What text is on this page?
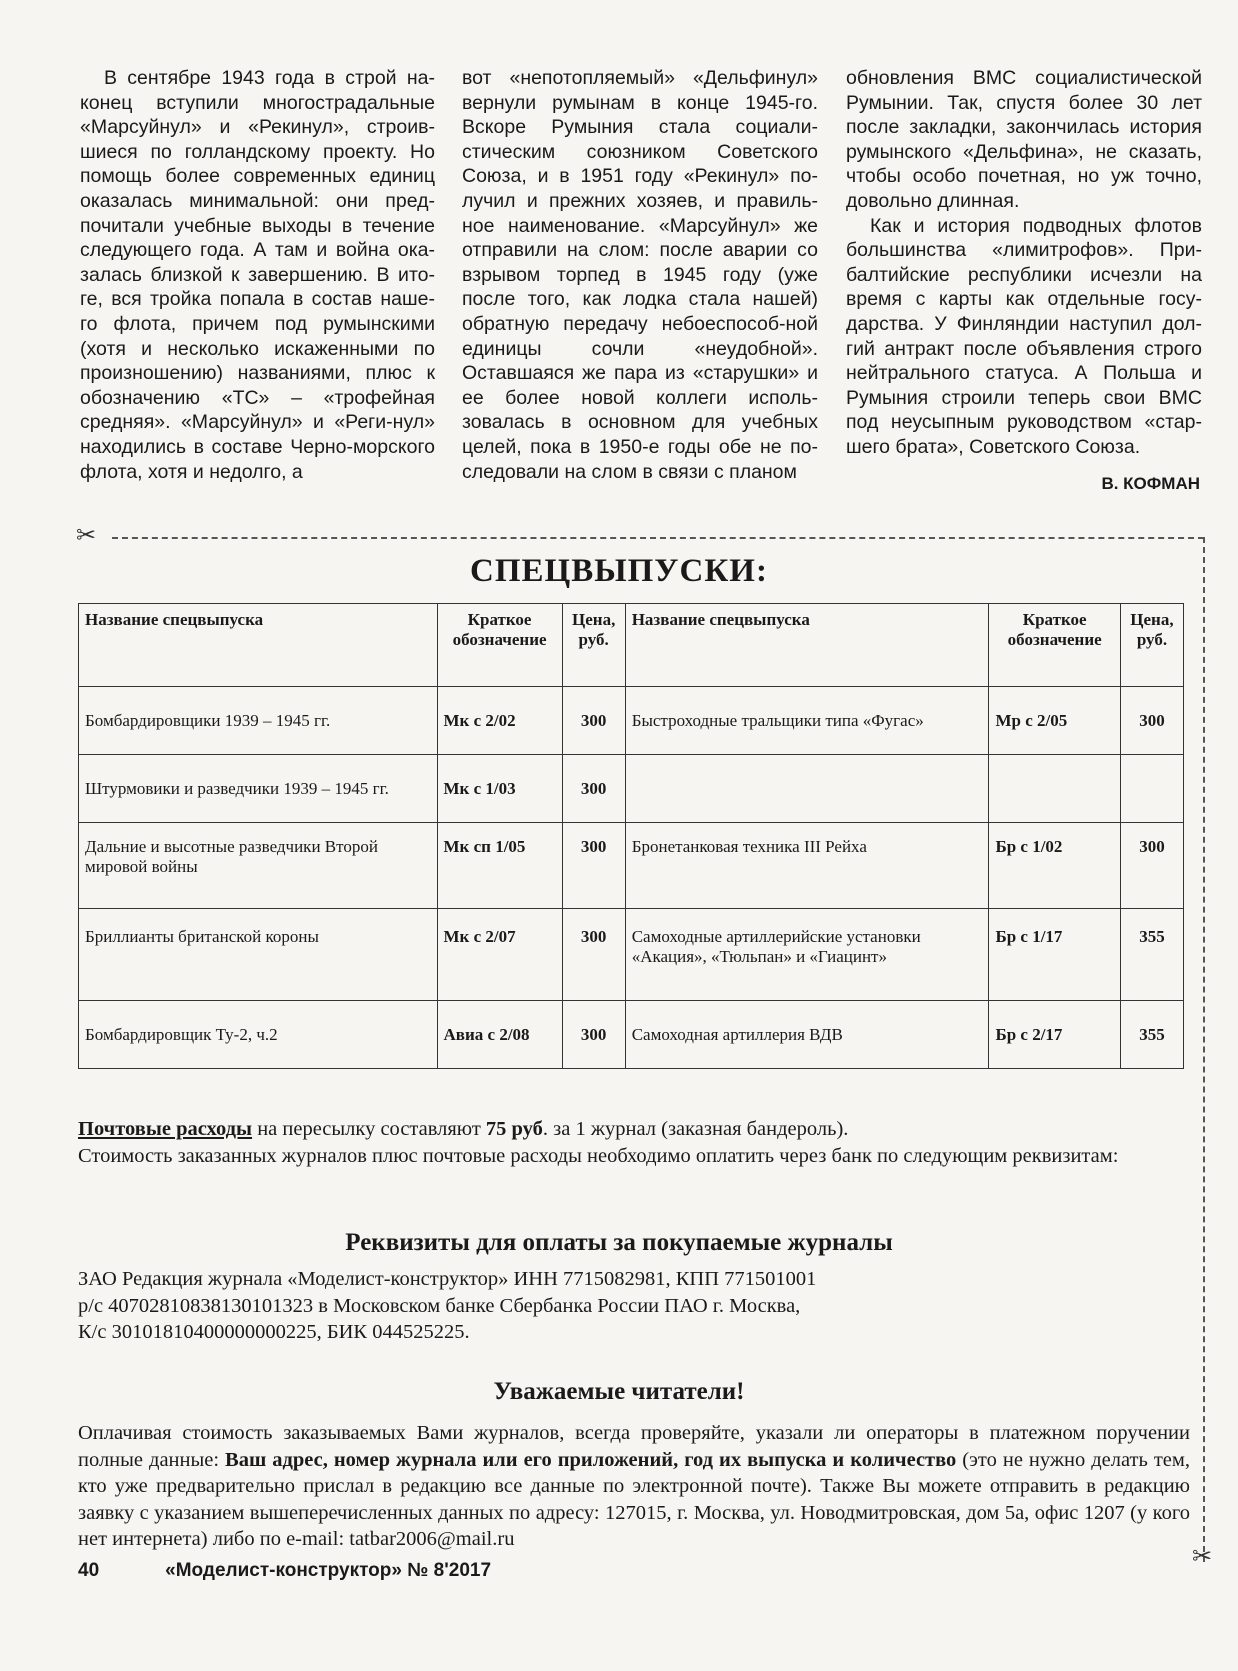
В сентябре 1943 года в строй на- конец вступили многострадальные «Марсуйнул» и «Рекинул», строив-шиеся по голландскому проекту. Но помощь более современных единиц оказалась минимальной: они пред-почитали учебные выходы в течение следующего года. А там и война ока-залась близкой к завершению. В ито-ге, вся тройка попала в состав наше-го флота, причем под румынскими (хотя и несколько искаженными по произношению) названиями, плюс к обозначению «ТС» – «трофейная средняя». «Марсуйнул» и «Реги-нул» находились в составе Черно-морского флота, хотя и недолго, а

вот «непотопляемый» «Дельфинул» вернули румынам в конце 1945-го. Вскоре Румыния стала социали-стическим союзником Советского Союза, и в 1951 году «Рекинул» по-лучил и прежних хозяев, и правиль-ное наименование. «Марсуйнул» же отправили на слом: после аварии со взрывом торпед в 1945 году (уже после того, как лодка стала нашей) обратную передачу небоеспособ-ной единицы сочли «неудобной». Оставшаяся же пара из «старушки» и ее более новой коллеги исполь-зовалась в основном для учебных целей, пока в 1950-е годы обе не по-следовали на слом в связи с планом

обновления ВМС социалистической Румынии. Так, спустя более 30 лет после закладки, закончилась история румынского «Дельфина», не сказать, чтобы особо почетная, но уж точно, довольно длинная.

Как и история подводных флотов большинства «лимитрофов». При-балтийские республики исчезли на время с карты как отдельные госу-дарства. У Финляндии наступил дол-гий антракт после объявления строго нейтрального статуса. А Польша и Румыния строили теперь свои ВМС под неусыпным руководством «стар-шего брата», Советского Союза.

В. КОФМАН
✂
✂
СПЕЦВЫПУСКИ:
Название спецвыпуска	Краткое обозначение	Цена, руб.	Название спецвыпуска	Краткое обозначение	Цена, руб.
Бомбардировщики 1939 – 1945 гг.	Мк с 2/02	300	Быстроходные тральщики типа «Фугас»	Мр с 2/05	300
Штурмовики и разведчики 1939 – 1945 гг.	Мк с 1/03	300			
Дальние и высотные разведчики Второй мировой войны	Мк сп 1/05	300	Бронетанковая техника III Рейха	Бр с 1/02	300
Бриллианты британской короны	Мк с 2/07	300	Самоходные артиллерийские установки «Акация», «Тюльпан» и «Гиацинт»	Бр с 1/17	355
Бомбардировщик Ту-2, ч.2	Авиа с 2/08	300	Самоходная артиллерия ВДВ	Бр с 2/17	355

Почтовые расходы на пересылку составляют 75 руб. за 1 журнал (заказная бандероль).

Стоимость заказанных журналов плюс почтовые расходы необходимо оплатить через банк по следующим реквизитам:

Реквизиты для оплаты за покупаемые журналы

ЗАО Редакция журнала «Моделист-конструктор» ИНН 7715082981, КПП 771501001

р/с 40702810838130101323 в Московском банке Сбербанка России ПАО г. Москва,

К/с 30101810400000000225, БИК 044525225.

Уважаемые читатели!

Оплачивая стоимость заказываемых Вами журналов, всегда проверяйте, указали ли операторы в платежном поручении полные данные: Ваш адрес, номер журнала или его приложений, год их выпуска и количество (это не нужно делать тем, кто уже предварительно прислал в редакцию все данные по электронной почте). Также Вы можете отправить в редакцию заявку с указанием вышеперечисленных данных по адресу: 127015, г. Москва, ул. Новодмитровская, дом 5а, офис 1207 (у кого нет интернета) либо по e-mail: tatbar2006@mail.ru

40	«Моделист-конструктор» № 8'2017
